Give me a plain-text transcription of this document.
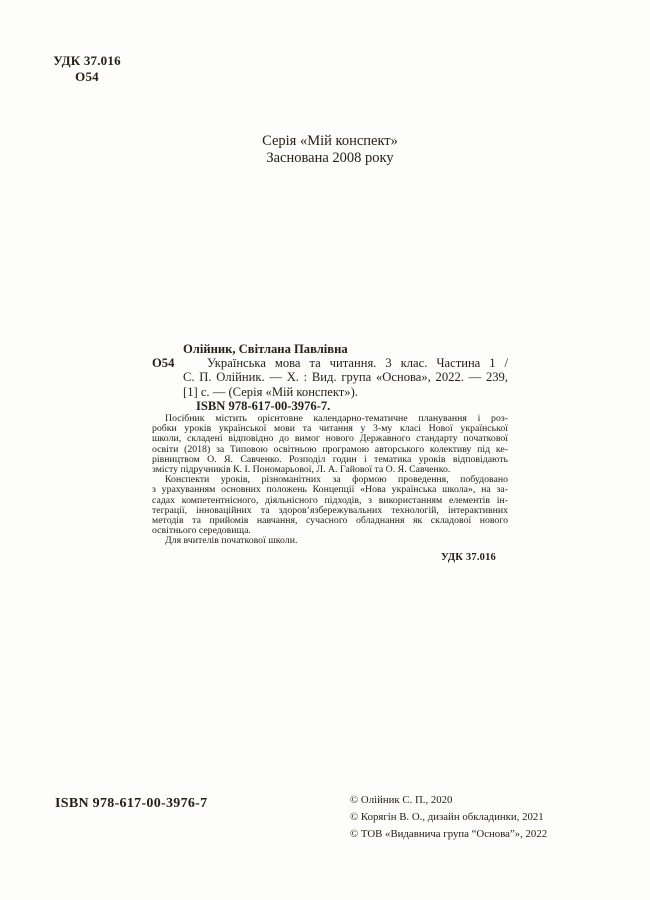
УДК 37.016
О54
Серія «Мій конспект»
Заснована 2008 року
Олійник, Світлана Павлівна
О54	Українська мова та читання. 3 клас. Частина 1 /
С. П. Олійник. — Х. : Вид. група «Основа», 2022. — 239,
[1] с. — (Серія «Мій конспект»).
ISBN 978-617-00-3976-7.
Посібник містить орієнтовне календарно-тематичне планування і роз-
робки уроків української мови та читання у 3-му класі Нової української
школи, складені відповідно до вимог нового Державного стандарту початкової
освіти (2018) за Типовою освітньою програмою авторського колективу під ке-
рівництвом О. Я. Савченко. Розподіл годин і тематика уроків відповідають
змісту підручників К. І. Пономарьової, Л. А. Гайової та О. Я. Савченко.
Конспекти уроків, різноманітних за формою проведення, побудовано
з урахуванням основних положень Концепції «Нова українська школа», на за-
садах компетентнісного, діяльнісного підходів, з використанням елементів ін-
теграції, інноваційних та здоров’язбережувальних технологій, інтерактивних
методів та прийомів навчання, сучасного обладнання як складової нового
освітнього середовища.
Для вчителів початкової школи.
УДК 37.016
ISBN 978-617-00-3976-7	© Олійник С. П., 2020
© Корягін В. О., дизайн обкладинки, 2021
© ТОВ «Видавнича група “Основа”», 2022
